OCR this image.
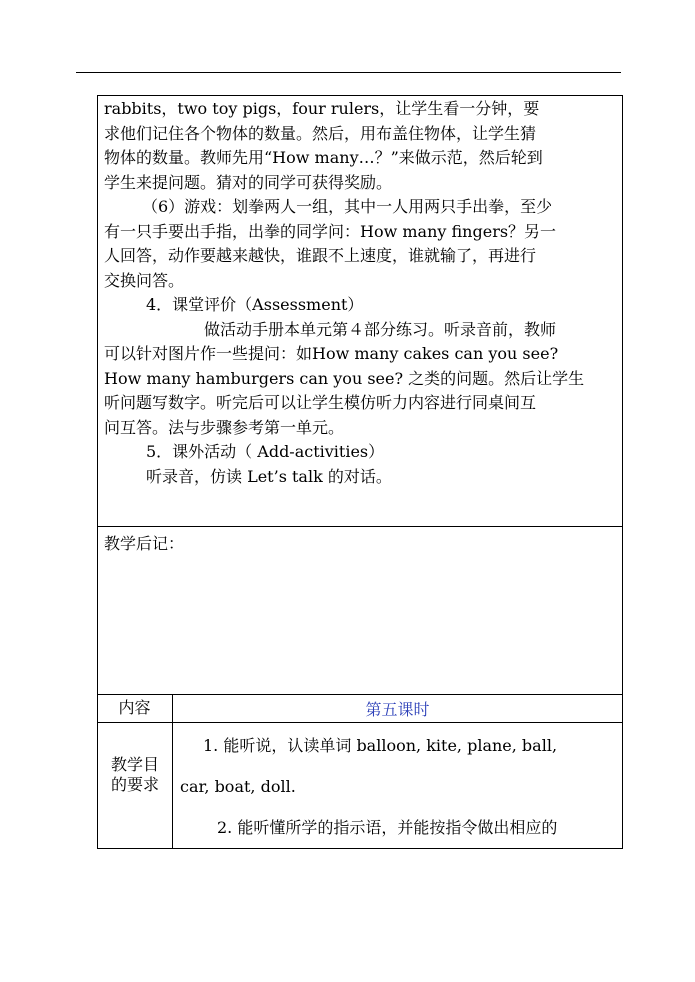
rabbits，two toy pigs，four rulers，让学生看一分钟，要

求他们记住各个物体的数量。然后，用布盖住物体，让学生猜

物体的数量。教师先用“How many…？”来做示范，然后轮到

学生来提问题。猜对的同学可获得奖励。

（6）游戏：划拳两人一组，其中一人用两只手出拳，至少

有一只手要出手指，出拳的同学问：How many fingers？另一

人回答，动作要越来越快，谁跟不上速度，谁就输了，再进行

交换问答。

4．课堂评价（Assessment）

做活动手册本单元第４部分练习。听录音前，教师

可以针对图片作一些提问：如How many cakes can you see?

How many hamburgers can you see? 之类的问题。然后让学生

听问题写数字。听完后可以让学生模仿听力内容进行同桌间互

问互答。法与步骤参考第一单元。

5．课外活动（ Add-activities）

听录音，仿读 Let’s talk 的对话。

教学后记：
内容	第五课时
教学目的要求
1. 能听说，认读单词 balloon, kite, plane, ball,
car, boat, doll.
2. 能听懂所学的指示语，并能按指令做出相应的
